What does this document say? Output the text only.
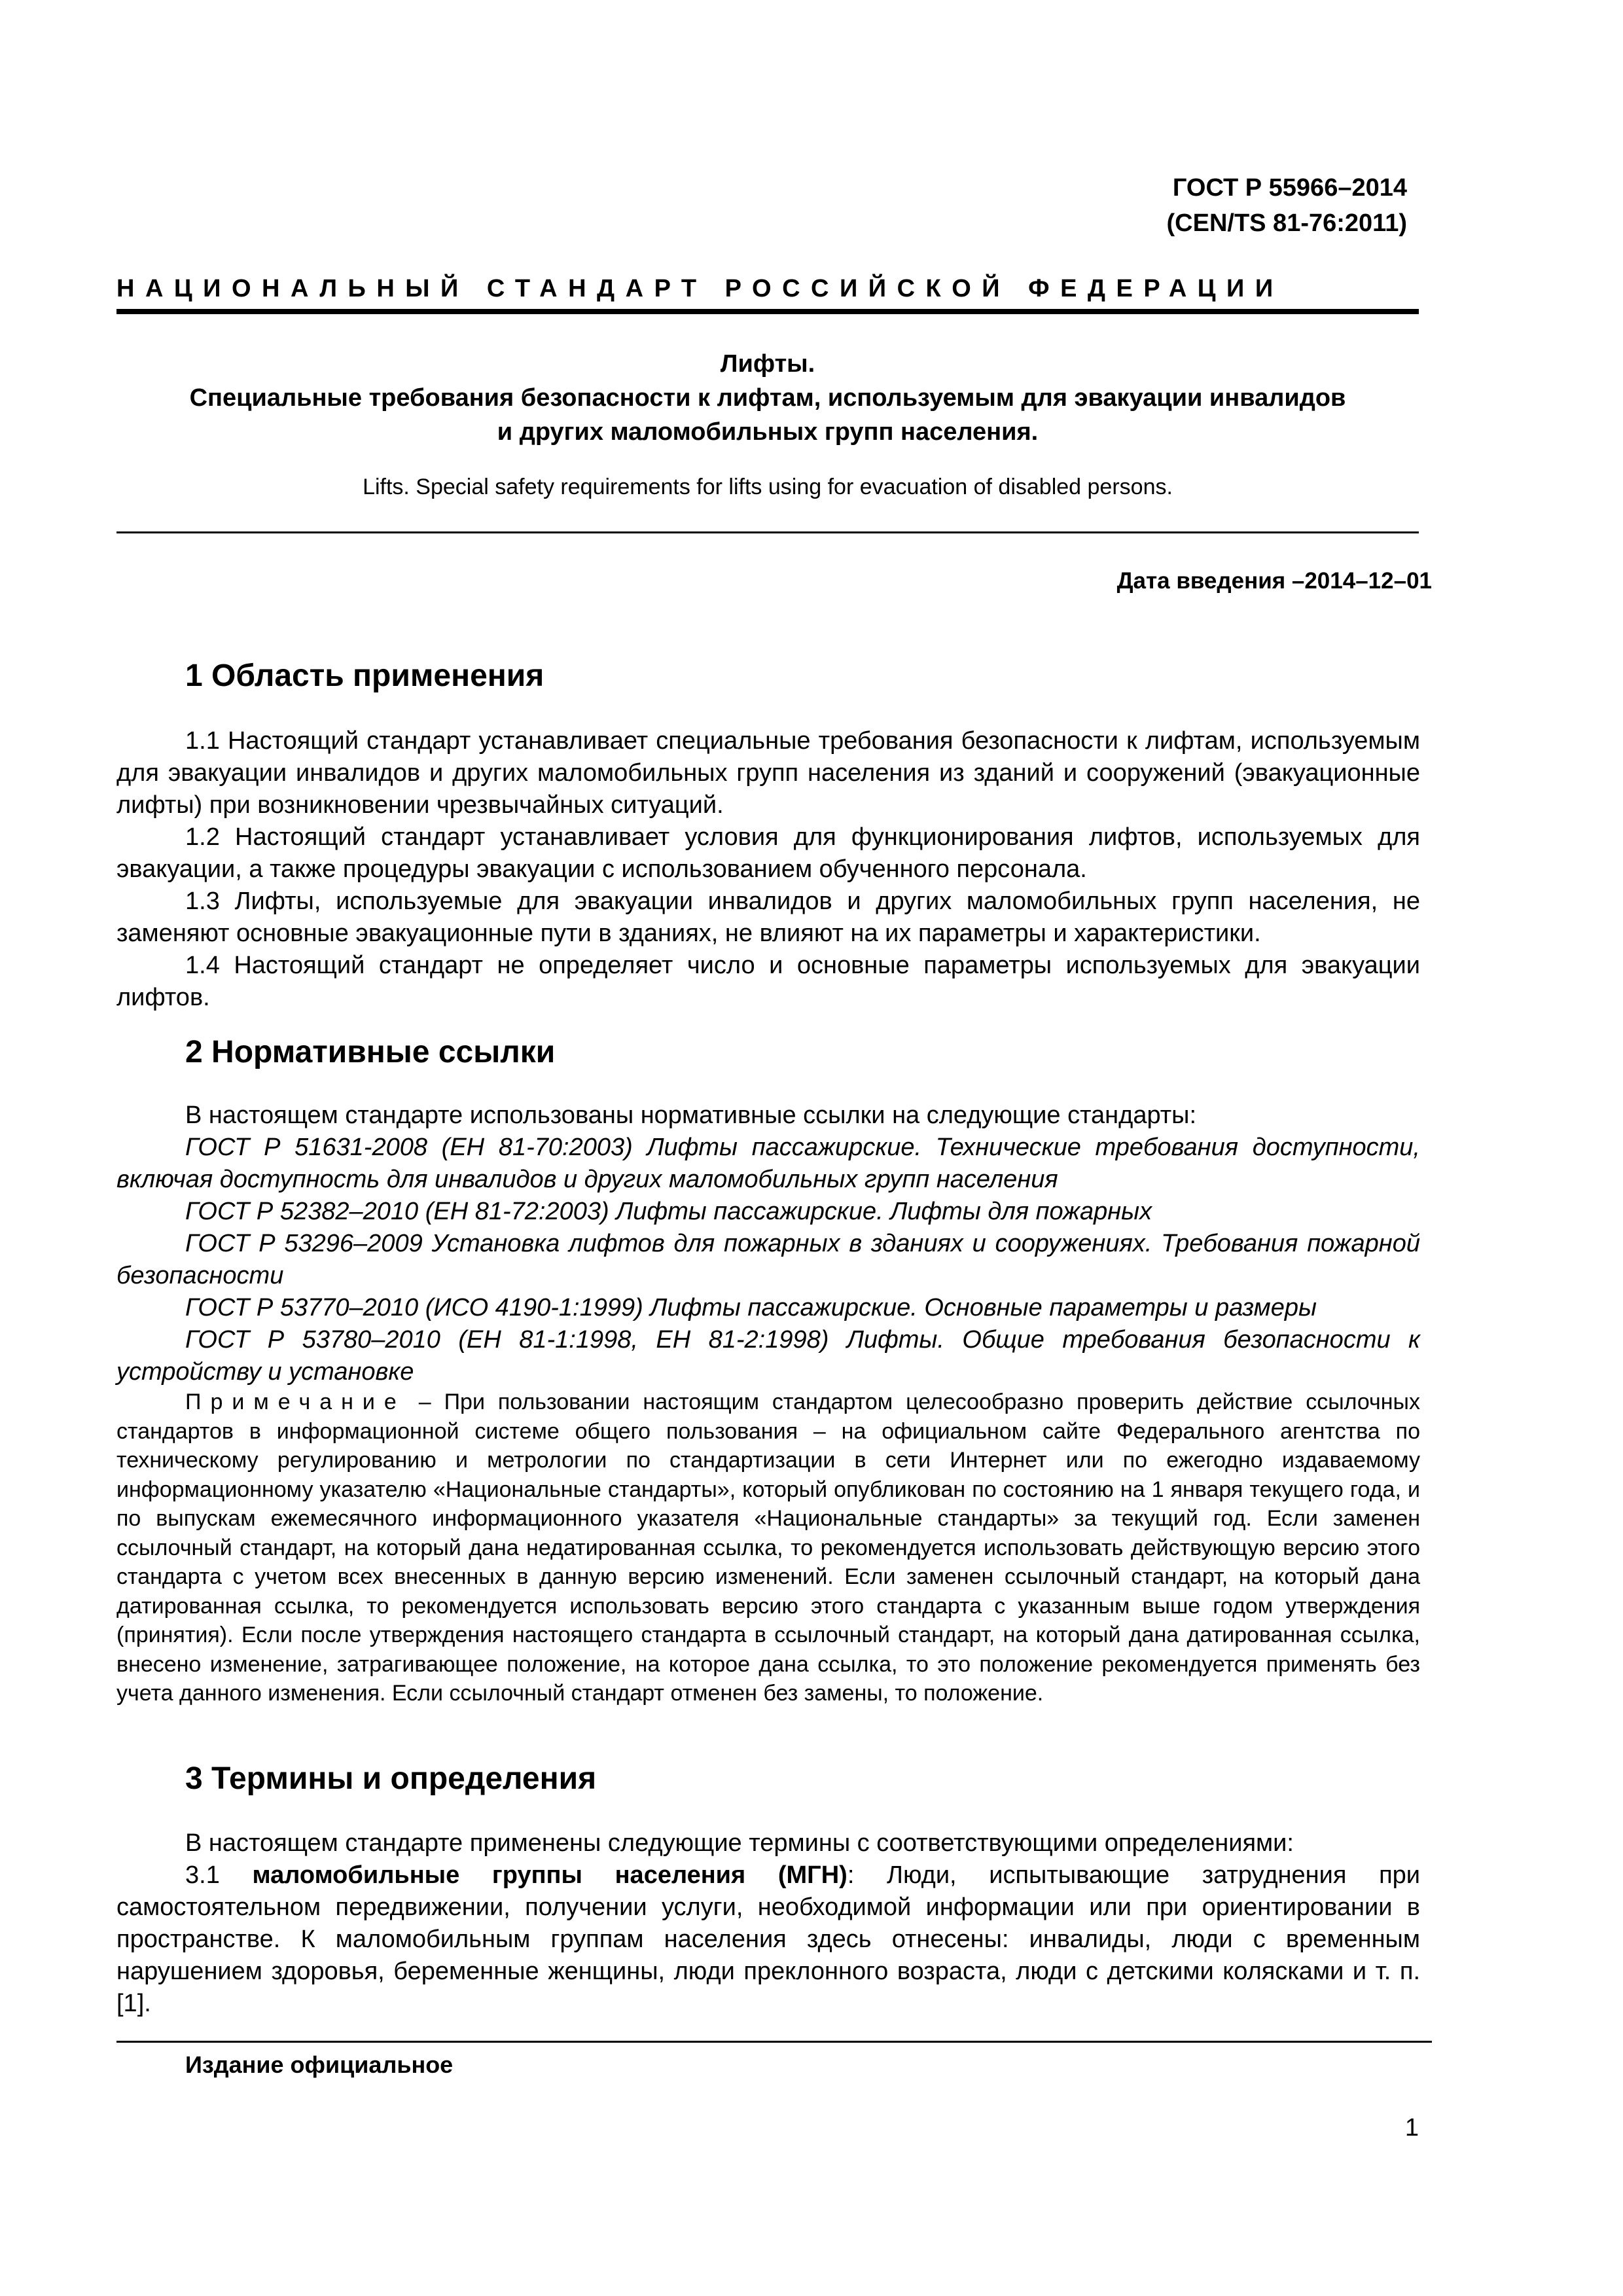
ГОСТ Р 55966–2014
(CEN/TS 81-76:2011)
НАЦИОНАЛЬНЫЙ СТАНДАРТ РОССИЙСКОЙ ФЕДЕРАЦИИ
Лифты.
Специальные требования безопасности к лифтам, используемым для эвакуации инвалидов
и других маломобильных групп населения.
Lifts. Special safety requirements for lifts using for evacuation of disabled persons.
Дата введения –2014–12–01
1 Область применения

1.1 Настоящий стандарт устанавливает специальные требования безопасности к лифтам, используемым для эвакуации инвалидов и других маломобильных групп населения из зданий и сооружений (эвакуационные лифты) при возникновении чрезвычайных ситуаций.

1.2 Настоящий стандарт устанавливает условия для функционирования лифтов, используемых для эвакуации, а также процедуры эвакуации с использованием обученного персонала.

1.3 Лифты, используемые для эвакуации инвалидов и других маломобильных групп населения, не заменяют основные эвакуационные пути в зданиях, не влияют на их параметры и характеристики.

1.4 Настоящий стандарт не определяет число и основные параметры используемых для эвакуации лифтов.

2 Нормативные ссылки

В настоящем стандарте использованы нормативные ссылки на следующие стандарты:

ГОСТ Р 51631-2008 (ЕН 81-70:2003) Лифты пассажирские. Технические требования доступности, включая доступность для инвалидов и других маломобильных групп населения

ГОСТ Р 52382–2010 (ЕН 81-72:2003) Лифты пассажирские. Лифты для пожарных

ГОСТ Р 53296–2009 Установка лифтов для пожарных в зданиях и сооружениях. Требования пожарной безопасности

ГОСТ Р 53770–2010 (ИСО 4190-1:1999) Лифты пассажирские. Основные параметры и размеры

ГОСТ Р 53780–2010 (ЕН 81-1:1998, ЕН 81-2:1998) Лифты. Общие требования безопасности к устройству и установке

Примечание – При пользовании настоящим стандартом целесообразно проверить действие ссылочных стандартов в информационной системе общего пользования – на официальном сайте Федерального агентства по техническому регулированию и метрологии по стандартизации в сети Интернет или по ежегодно издаваемому информационному указателю «Национальные стандарты», который опубликован по состоянию на 1 января текущего года, и по выпускам ежемесячного информационного указателя «Национальные стандарты» за текущий год. Если заменен ссылочный стандарт, на который дана недатированная ссылка, то рекомендуется использовать действующую версию этого стандарта с учетом всех внесенных в данную версию изменений. Если заменен ссылочный стандарт, на который дана датированная ссылка, то рекомендуется использовать версию этого стандарта с указанным выше годом утверждения (принятия). Если после утверждения настоящего стандарта в ссылочный стандарт, на который дана датированная ссылка, внесено изменение, затрагивающее положение, на которое дана ссылка, то это положение рекомендуется применять без учета данного изменения. Если ссылочный стандарт отменен без замены, то положение.

3 Термины и определения

В настоящем стандарте применены следующие термины с соответствующими определениями:

3.1 маломобильные группы населения (МГН): Люди, испытывающие затруднения при самостоятельном передвижении, получении услуги, необходимой информации или при ориентировании в пространстве. К маломобильным группам населения здесь отнесены: инвалиды, люди с временным нарушением здоровья, беременные женщины, люди преклонного возраста, люди с детскими колясками и т. п. [1].

Издание официальное
1
